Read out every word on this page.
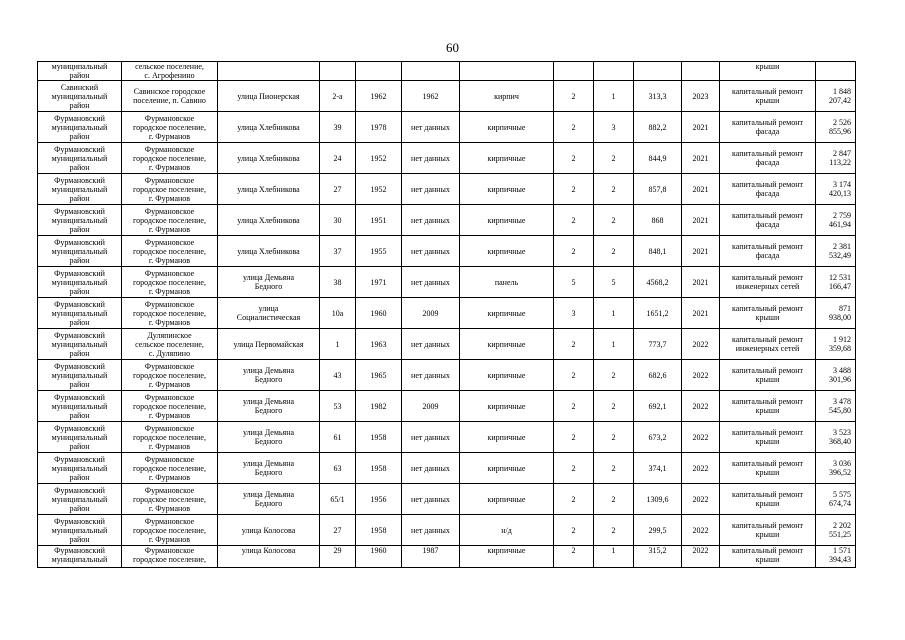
60
муниципальный
район	сельское поселение,
с. Агрофенино										крыши	
Савинский
муниципальный
район	Савинское городское
поселение, п. Савино	улица Пионерская	2-а	1962	1962	кирпич	2	1	313,3	2023	капитальный ремонт
крыши	1 848 207,42
Фурмановский
муниципальный
район	Фурмановское
городское поселение,
г. Фурманов	улица Хлебникова	39	1978	нет данных	кирпичные	2	3	882,2	2021	капитальный ремонт
фасада	2 526 855,96
Фурмановский
муниципальный
район	Фурмановское
городское поселение,
г. Фурманов	улица Хлебникова	24	1952	нет данных	кирпичные	2	2	844,9	2021	капитальный ремонт
фасада	2 847 113,22
Фурмановский
муниципальный
район	Фурмановское
городское поселение,
г. Фурманов	улица Хлебникова	27	1952	нет данных	кирпичные	2	2	857,8	2021	капитальный ремонт
фасада	3 174 420,13
Фурмановский
муниципальный
район	Фурмановское
городское поселение,
г. Фурманов	улица Хлебникова	30	1951	нет данных	кирпичные	2	2	868	2021	капитальный ремонт
фасада	2 759 461,94
Фурмановский
муниципальный
район	Фурмановское
городское поселение,
г. Фурманов	улица Хлебникова	37	1955	нет данных	кирпичные	2	2	848,1	2021	капитальный ремонт
фасада	2 381 532,49
Фурмановский
муниципальный
район	Фурмановское
городское поселение,
г. Фурманов	улица Демьяна
Бедного	38	1971	нет данных	панель	5	5	4568,2	2021	капитальный ремонт
инженерных сетей	12 531 166,47
Фурмановский
муниципальный
район	Фурмановское
городское поселение,
г. Фурманов	улица
Социалистическая	10а	1960	2009	кирпичные	3	1	1651,2	2021	капитальный ремонт
крыши	871 938,00
Фурмановский
муниципальный
район	Дуляпинское
сельское поселение,
с. Дуляпино	улица Первомайская	1	1963	нет данных	кирпичные	2	1	773,7	2022	капитальный ремонт
инженерных сетей	1 912 359,68
Фурмановский
муниципальный
район	Фурмановское
городское поселение,
г. Фурманов	улица Демьяна
Бедного	43	1965	нет данных	кирпичные	2	2	682,6	2022	капитальный ремонт
крыши	3 488 301,96
Фурмановский
муниципальный
район	Фурмановское
городское поселение,
г. Фурманов	улица Демьяна
Бедного	53	1982	2009	кирпичные	2	2	692,1	2022	капитальный ремонт
крыши	3 478 545,80
Фурмановский
муниципальный
район	Фурмановское
городское поселение,
г. Фурманов	улица Демьяна
Бедного	61	1958	нет данных	кирпичные	2	2	673,2	2022	капитальный ремонт
крыши	3 523 368,40
Фурмановский
муниципальный
район	Фурмановское
городское поселение,
г. Фурманов	улица Демьяна
Бедного	63	1958	нет данных	кирпичные	2	2	374,1	2022	капитальный ремонт
крыши	3 036 396,52
Фурмановский
муниципальный
район	Фурмановское
городское поселение,
г. Фурманов	улица Демьяна
Бедного	65/1	1956	нет данных	кирпичные	2	2	1309,6	2022	капитальный ремонт
крыши	5 575 674,74
Фурмановский
муниципальный
район	Фурмановское
городское поселение,
г. Фурманов	улица Колосова	27	1958	нет данных	н/д	2	2	299,5	2022	капитальный ремонт
крыши	2 202 551,25
Фурмановский
муниципальный	Фурмановское
городское поселение,	улица Колосова	29	1960	1987	кирпичные	2	1	315,2	2022	капитальный ремонт
крыши	1 571 394,43
